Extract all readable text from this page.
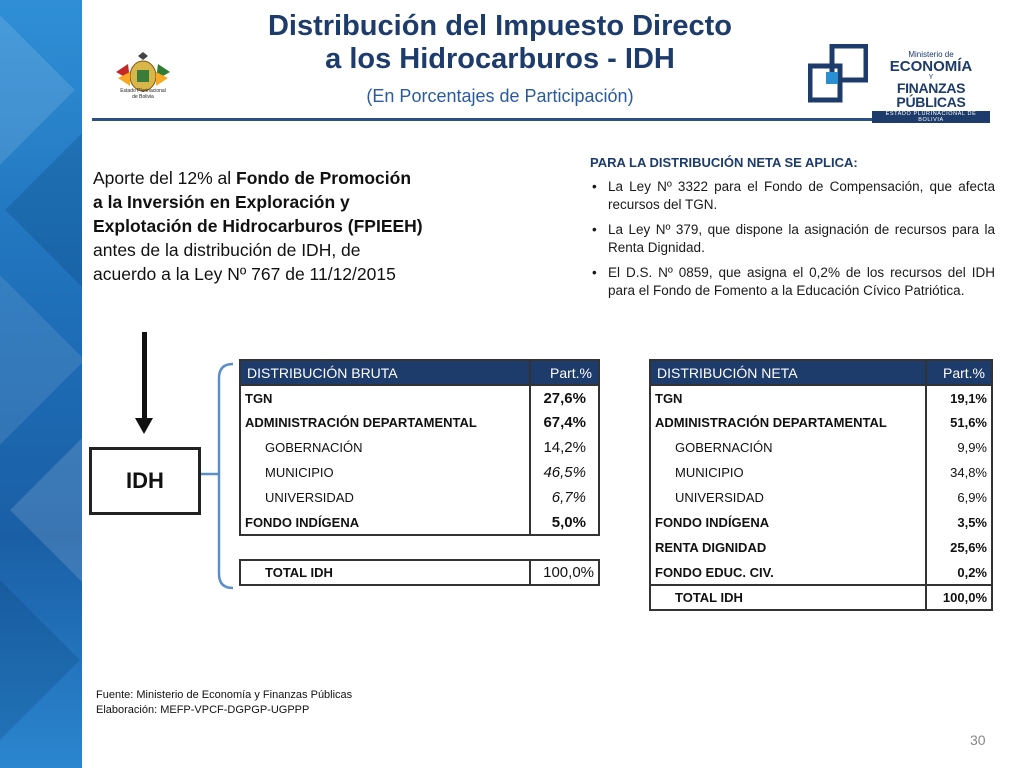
Estado Plurinacional
de Bolivia
Distribución del Impuesto Directo
a los Hidrocarburos - IDH
(En Porcentajes de Participación)
Ministerio de
ECONOMÍA
Y
FINANZAS PÚBLICAS
ESTADO PLURINACIONAL DE BOLIVIA
Aporte del 12% al Fondo de Promoción a la Inversión en Exploración y Explotación de Hidrocarburos (FPIEEH) antes de la distribución de IDH, de acuerdo a la Ley Nº 767 de 11/12/2015
PARA LA DISTRIBUCIÓN NETA SE APLICA:
• La Ley Nº 3322 para el Fondo de Compensación, que afecta recursos del TGN.
• La Ley Nº 379, que dispone la asignación de recursos para la Renta Dignidad.
• El D.S. Nº 0859, que asigna el 0,2% de los recursos del IDH para el Fondo de Fomento a la Educación Cívico Patriótica.
IDH
DISTRIBUCIÓN BRUTA	Part.%
TGN	27,6%
ADMINISTRACIÓN DEPARTAMENTAL	67,4%
GOBERNACIÓN	14,2%
MUNICIPIO	46,5%
UNIVERSIDAD	6,7%
FONDO INDÍGENA	5,0%
TOTAL IDH	100,0%
DISTRIBUCIÓN NETA	Part.%
TGN	19,1%
ADMINISTRACIÓN DEPARTAMENTAL	51,6%
GOBERNACIÓN	9,9%
MUNICIPIO	34,8%
UNIVERSIDAD	6,9%
FONDO INDÍGENA	3,5%
RENTA DIGNIDAD	25,6%
FONDO EDUC. CIV.	0,2%
TOTAL IDH	100,0%
Fuente: Ministerio de Economía y Finanzas Públicas
Elaboración: MEFP-VPCF-DGPGP-UGPPP
30
